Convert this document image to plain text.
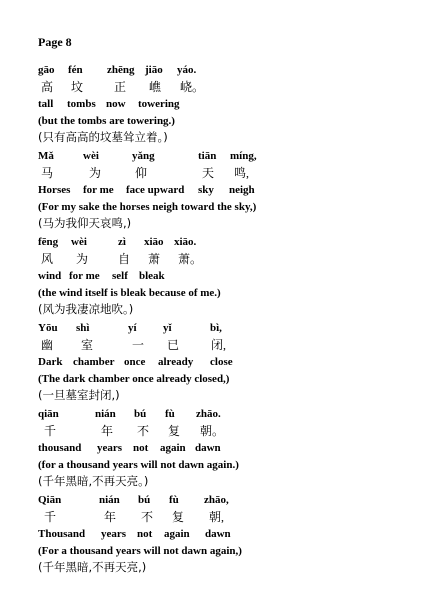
Page 8
gāo fén zhēng jiāo yáo.
高 坟	正 嶕 峣。
tall tombs now towering
(but the tombs are towering.)
(只有高高的坟墓耸立着。)
Mǎ	wèi	yǎng	tiān míng,
马	为	仰	天 鸣,
Horses for me face upward sky neigh
(For my sake the horses neigh toward the sky,)
(马为我仰天哀鸣,)
fēng wèi	zì xiāo xiāo.
风 为 自 萧 萧。
wind for me self bleak
(the wind itself is bleak because of me.)
(风为我凄凉地吹。)
Yōu shì	yí yǐ	bì,
幽 室	一 已	闭,
Dark chamber once already close
(The dark chamber once already closed,)
(一旦墓室封闭,)
qiān	nián bú fù zhāo.
千	年 不 复 朝。
thousand years not again dawn
(for a thousand years will not dawn again.)
(千年黑暗,不再天亮。)
Qiān	nián bú fù zhāo,
千	年 不 复 朝,
Thousand years not again dawn
(For a thousand years will not dawn again,)
(千年黑暗,不再天亮,)
